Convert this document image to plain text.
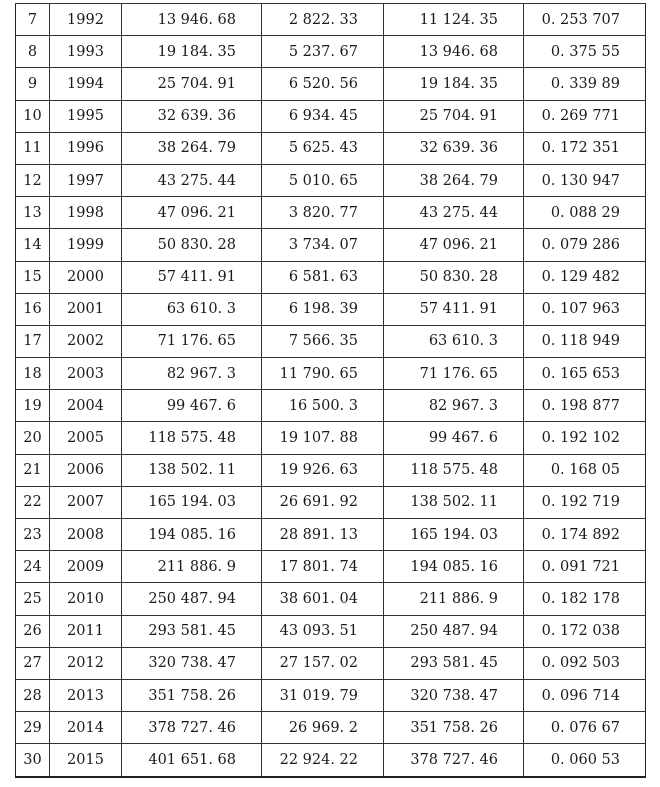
7	1992	13 946. 68	2 822. 33	11 124. 35	0. 253 707
8	1993	19 184. 35	5 237. 67	13 946. 68	0. 375 55
9	1994	25 704. 91	6 520. 56	19 184. 35	0. 339 89
10	1995	32 639. 36	6 934. 45	25 704. 91	0. 269 771
11	1996	38 264. 79	5 625. 43	32 639. 36	0. 172 351
12	1997	43 275. 44	5 010. 65	38 264. 79	0. 130 947
13	1998	47 096. 21	3 820. 77	43 275. 44	0. 088 29
14	1999	50 830. 28	3 734. 07	47 096. 21	0. 079 286
15	2000	57 411. 91	6 581. 63	50 830. 28	0. 129 482
16	2001	63 610. 3	6 198. 39	57 411. 91	0. 107 963
17	2002	71 176. 65	7 566. 35	63 610. 3	0. 118 949
18	2003	82 967. 3	11 790. 65	71 176. 65	0. 165 653
19	2004	99 467. 6	16 500. 3	82 967. 3	0. 198 877
20	2005	118 575. 48	19 107. 88	99 467. 6	0. 192 102
21	2006	138 502. 11	19 926. 63	118 575. 48	0. 168 05
22	2007	165 194. 03	26 691. 92	138 502. 11	0. 192 719
23	2008	194 085. 16	28 891. 13	165 194. 03	0. 174 892
24	2009	211 886. 9	17 801. 74	194 085. 16	0. 091 721
25	2010	250 487. 94	38 601. 04	211 886. 9	0. 182 178
26	2011	293 581. 45	43 093. 51	250 487. 94	0. 172 038
27	2012	320 738. 47	27 157. 02	293 581. 45	0. 092 503
28	2013	351 758. 26	31 019. 79	320 738. 47	0. 096 714
29	2014	378 727. 46	26 969. 2	351 758. 26	0. 076 67
30	2015	401 651. 68	22 924. 22	378 727. 46	0. 060 53
